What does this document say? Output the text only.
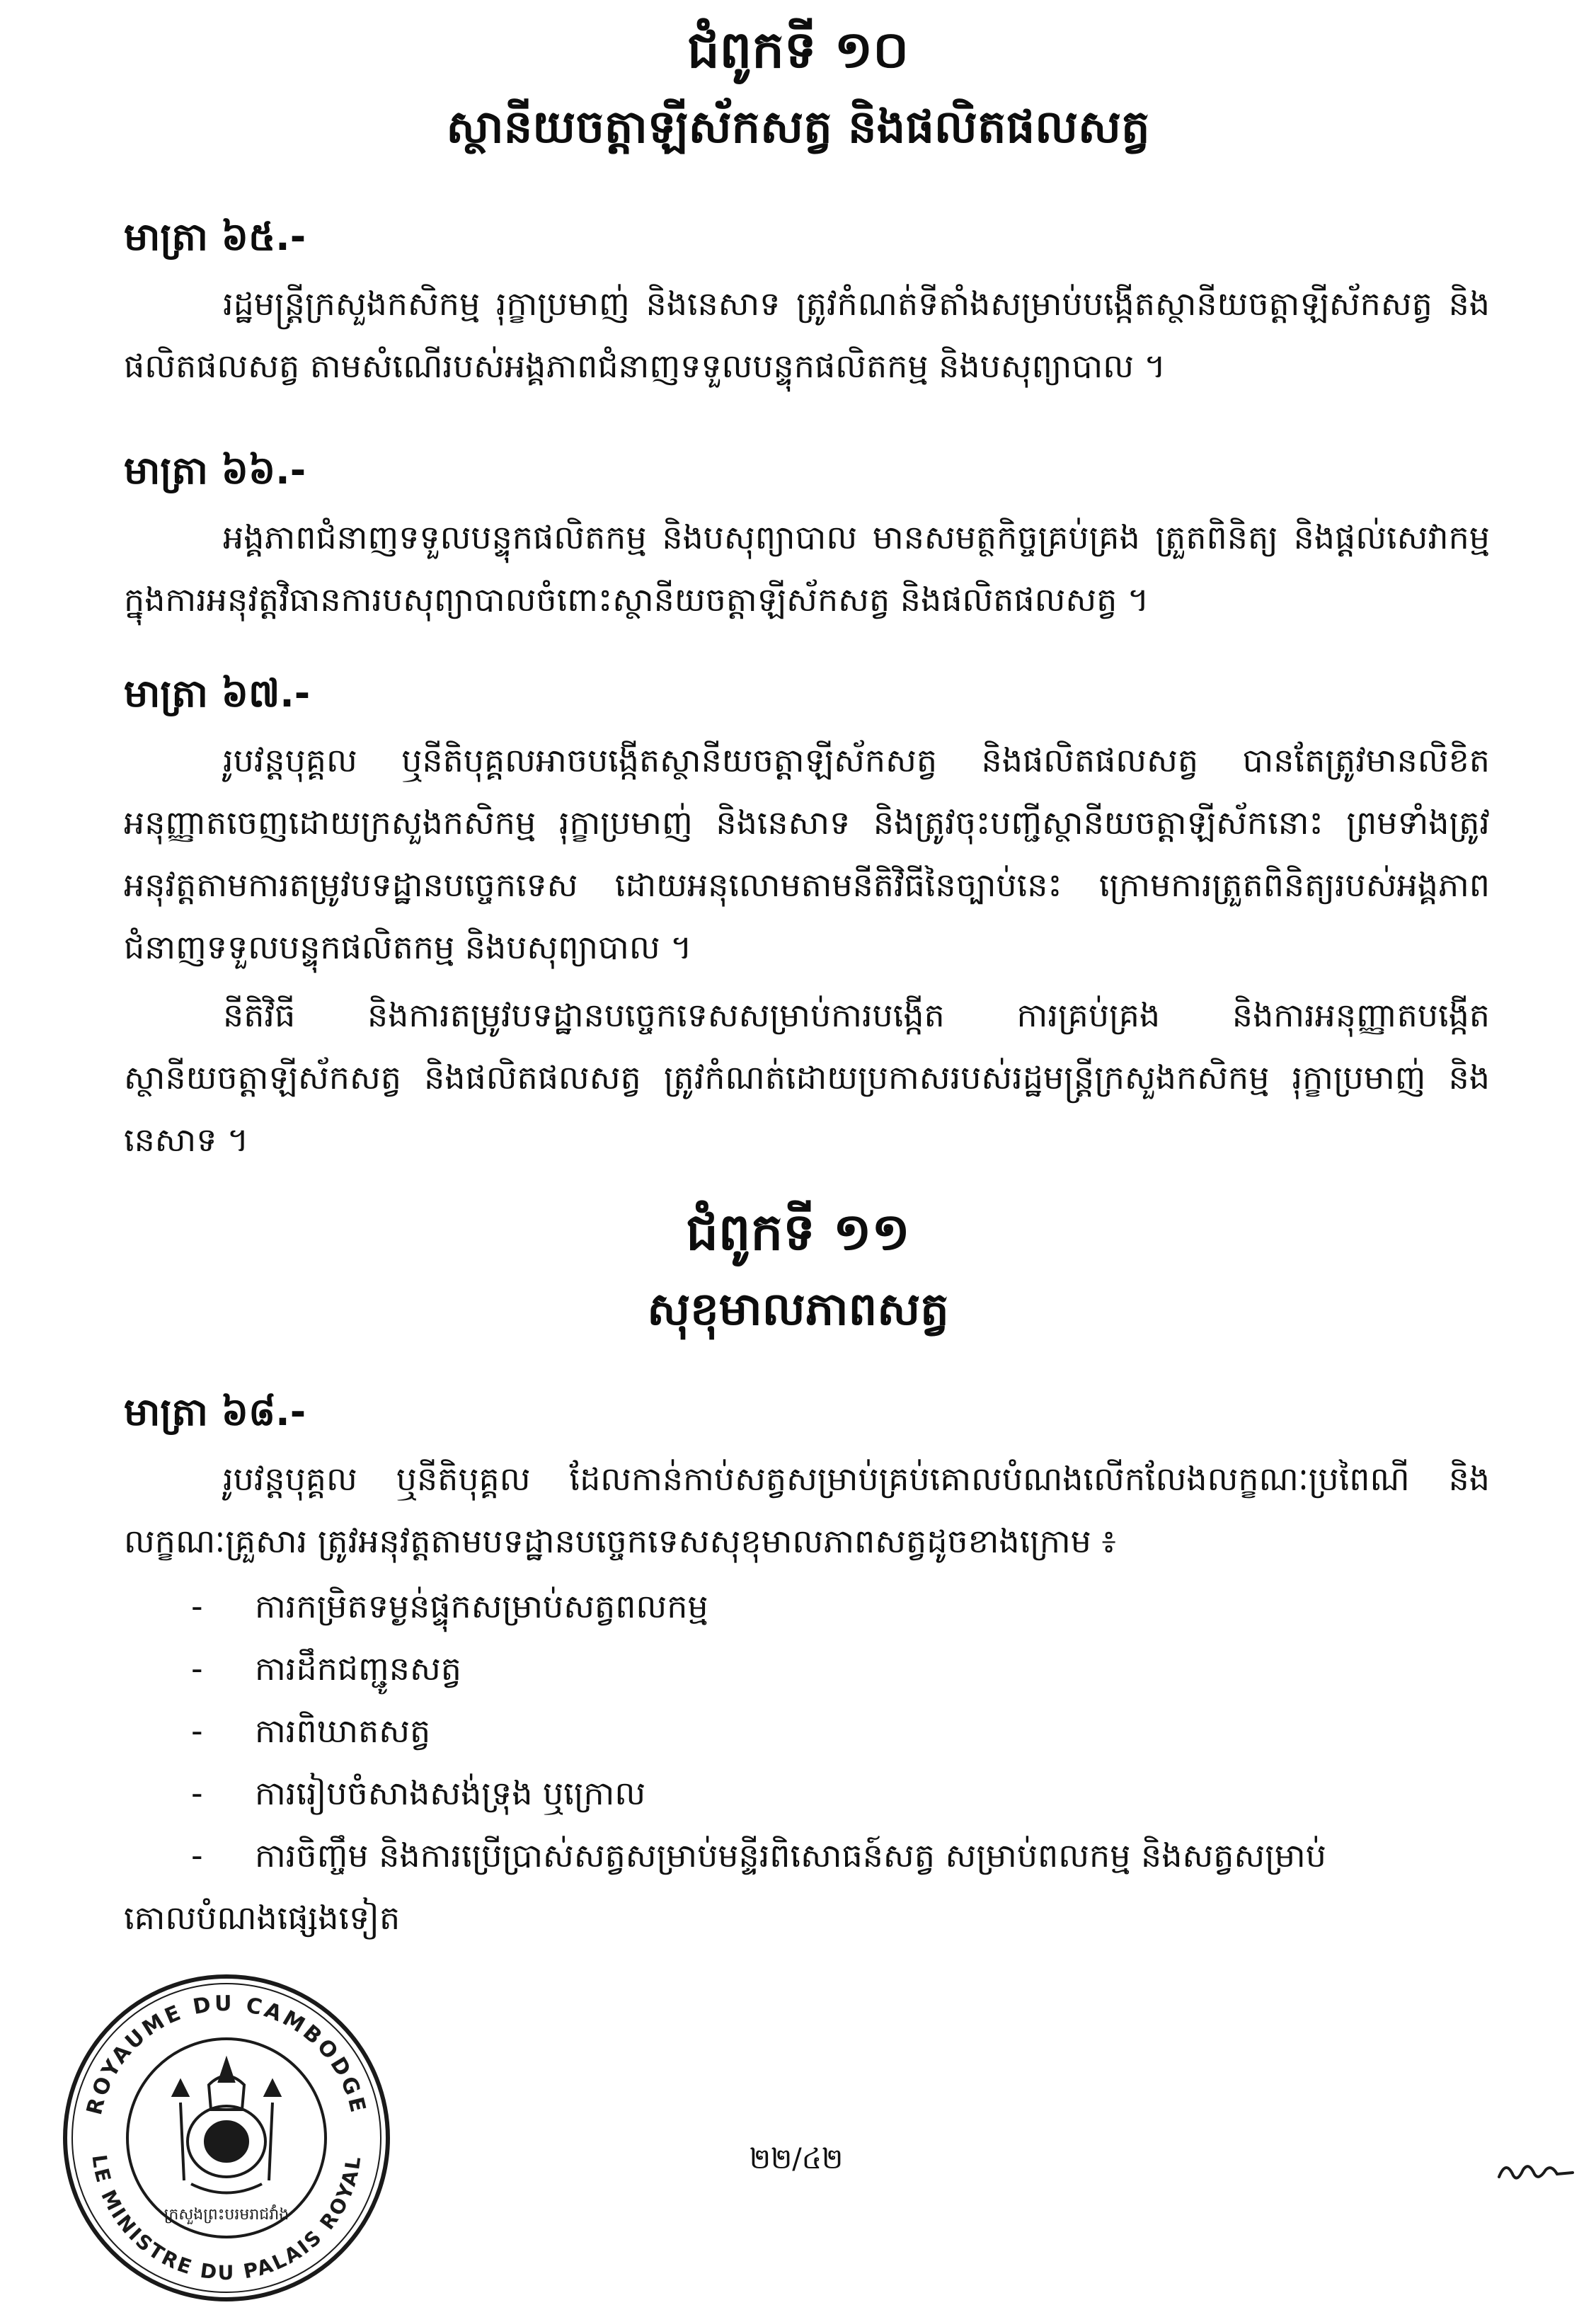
ជំពូកទី ១០
ស្ថានីយចត្តាឡីស័កសត្វ និងផលិតផលសត្វ
មាត្រា ៦៥.-

រដ្ឋមន្ត្រីក្រសួងកសិកម្ម រុក្ខាប្រមាញ់ និងនេសាទ ត្រូវកំណត់ទីតាំងសម្រាប់បង្កើតស្ថានីយចត្តាឡីស័កសត្វ និងផលិតផលសត្វ តាមសំណើរបស់អង្គភាពជំនាញទទួលបន្ទុកផលិតកម្ម និងបសុព្យាបាល ។

មាត្រា ៦៦.-

អង្គភាពជំនាញទទួលបន្ទុកផលិតកម្ម និងបសុព្យាបាល មានសមត្ថកិច្ចគ្រប់គ្រង ត្រួតពិនិត្យ និងផ្តល់សេវាកម្មក្នុងការអនុវត្តវិធានការបសុព្យាបាលចំពោះស្ថានីយចត្តាឡីស័កសត្វ និងផលិតផលសត្វ ។

មាត្រា ៦៧.-

រូបវន្តបុគ្គល ឬនីតិបុគ្គលអាចបង្កើតស្ថានីយចត្តាឡីស័កសត្វ និងផលិតផលសត្វ បានតែត្រូវមានលិខិតអនុញ្ញាតចេញដោយក្រសួងកសិកម្ម រុក្ខាប្រមាញ់ និងនេសាទ និងត្រូវចុះបញ្ជីស្ថានីយចត្តាឡីស័កនោះ ព្រមទាំងត្រូវអនុវត្តតាមការតម្រូវបទដ្ឋានបច្ចេកទេស ដោយអនុលោមតាមនីតិវិធីនៃច្បាប់នេះ ក្រោមការត្រួតពិនិត្យរបស់អង្គភាពជំនាញទទួលបន្ទុកផលិតកម្ម និងបសុព្យាបាល ។

នីតិវិធី និងការតម្រូវបទដ្ឋានបច្ចេកទេសសម្រាប់ការបង្កើត ការគ្រប់គ្រង និងការអនុញ្ញាតបង្កើតស្ថានីយចត្តាឡីស័កសត្វ និងផលិតផលសត្វ ត្រូវកំណត់ដោយប្រកាសរបស់រដ្ឋមន្ត្រីក្រសួងកសិកម្ម រុក្ខាប្រមាញ់ និងនេសាទ ។

ជំពូកទី ១១
សុខុមាលភាពសត្វ
មាត្រា ៦៨.-

រូបវន្តបុគ្គល ឬនីតិបុគ្គល ដែលកាន់កាប់សត្វសម្រាប់គ្រប់គោលបំណងលើកលែងលក្ខណៈប្រពៃណី និងលក្ខណៈគ្រួសារ ត្រូវអនុវត្តតាមបទដ្ឋានបច្ចេកទេសសុខុមាលភាពសត្វដូចខាងក្រោម ៖

- ការកម្រិតទម្ងន់ផ្ទុកសម្រាប់សត្វពលកម្ម
- ការដឹកជញ្ជូនសត្វ
- ការពិឃាតសត្វ
- ការរៀបចំសាងសង់ទ្រុង ឬក្រោល
- ការចិញ្ចឹម និងការប្រើប្រាស់សត្វសម្រាប់មន្ទីរពិសោធន៍សត្វ សម្រាប់ពលកម្ម និងសត្វសម្រាប់
គោលបំណងផ្សេងទៀត
ROYAUME DU CAMBODGE
LE MINISTRE DU PALAIS ROYAL
ក្រសួងព្រះបរមរាជវាំង
២២/៤២
